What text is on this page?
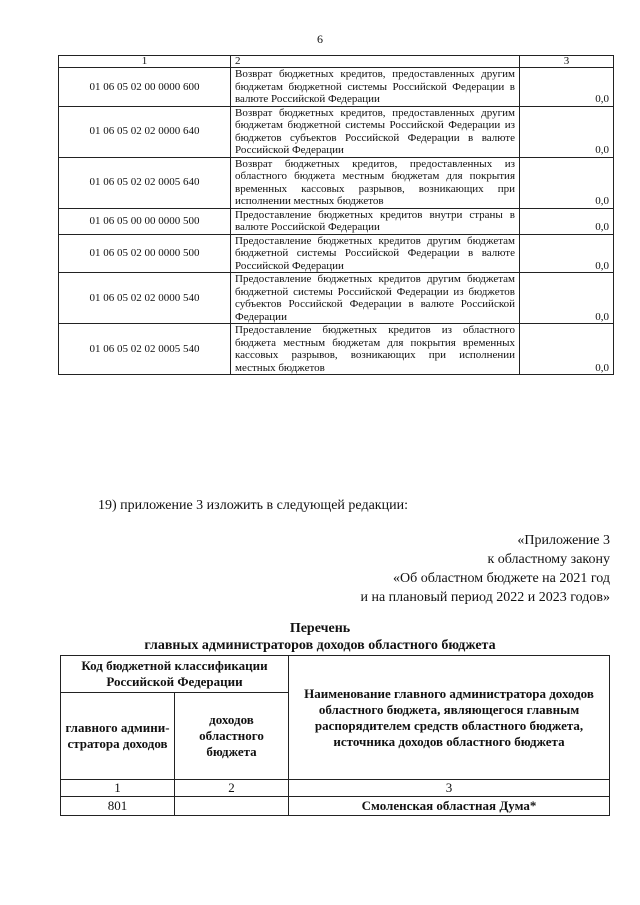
6
1	2	3
01 06 05 02 00 0000 600	Возврат бюджетных кредитов, предоставленных другим бюджетам бюджетной системы Российской Федерации в валюте Российской Федерации	0,0
01 06 05 02 02 0000 640	Возврат бюджетных кредитов, предоставленных другим бюджетам бюджетной системы Российской Федерации из бюджетов субъектов Российской Федерации в валюте Российской Федерации	0,0
01 06 05 02 02 0005 640	Возврат бюджетных кредитов, предоставленных из областного бюджета местным бюджетам для покрытия временных кассовых разрывов, возникающих при исполнении местных бюджетов	0,0
01 06 05 00 00 0000 500	Предоставление бюджетных кредитов внутри страны в валюте Российской Федерации	0,0
01 06 05 02 00 0000 500	Предоставление бюджетных кредитов другим бюджетам бюджетной системы Российской Федерации в валюте Российской Федерации	0,0
01 06 05 02 02 0000 540	Предоставление бюджетных кредитов другим бюджетам бюджетной системы Российской Федерации из бюджетов субъектов Российской Федерации в валюте Российской Федерации	0,0
01 06 05 02 02 0005 540	Предоставление бюджетных кредитов из областного бюджета местным бюджетам для покрытия временных кассовых разрывов, возникающих при исполнении местных бюджетов	0,0
19) приложение 3 изложить в следующей редакции:
«Приложение 3
к областному закону
«Об областном бюджете на 2021 год
и на плановый период 2022 и 2023 годов»
Перечень
главных администраторов доходов областного бюджета
Код бюджетной классификации Российской Федерации		Наименование главного администратора доходов областного бюджета, являющегося главным распорядителем средств областного бюджета, источника доходов областного бюджета
главного админи-стратора доходов	доходов областного бюджета	
1	2	3
801		Смоленская областная Дума*
